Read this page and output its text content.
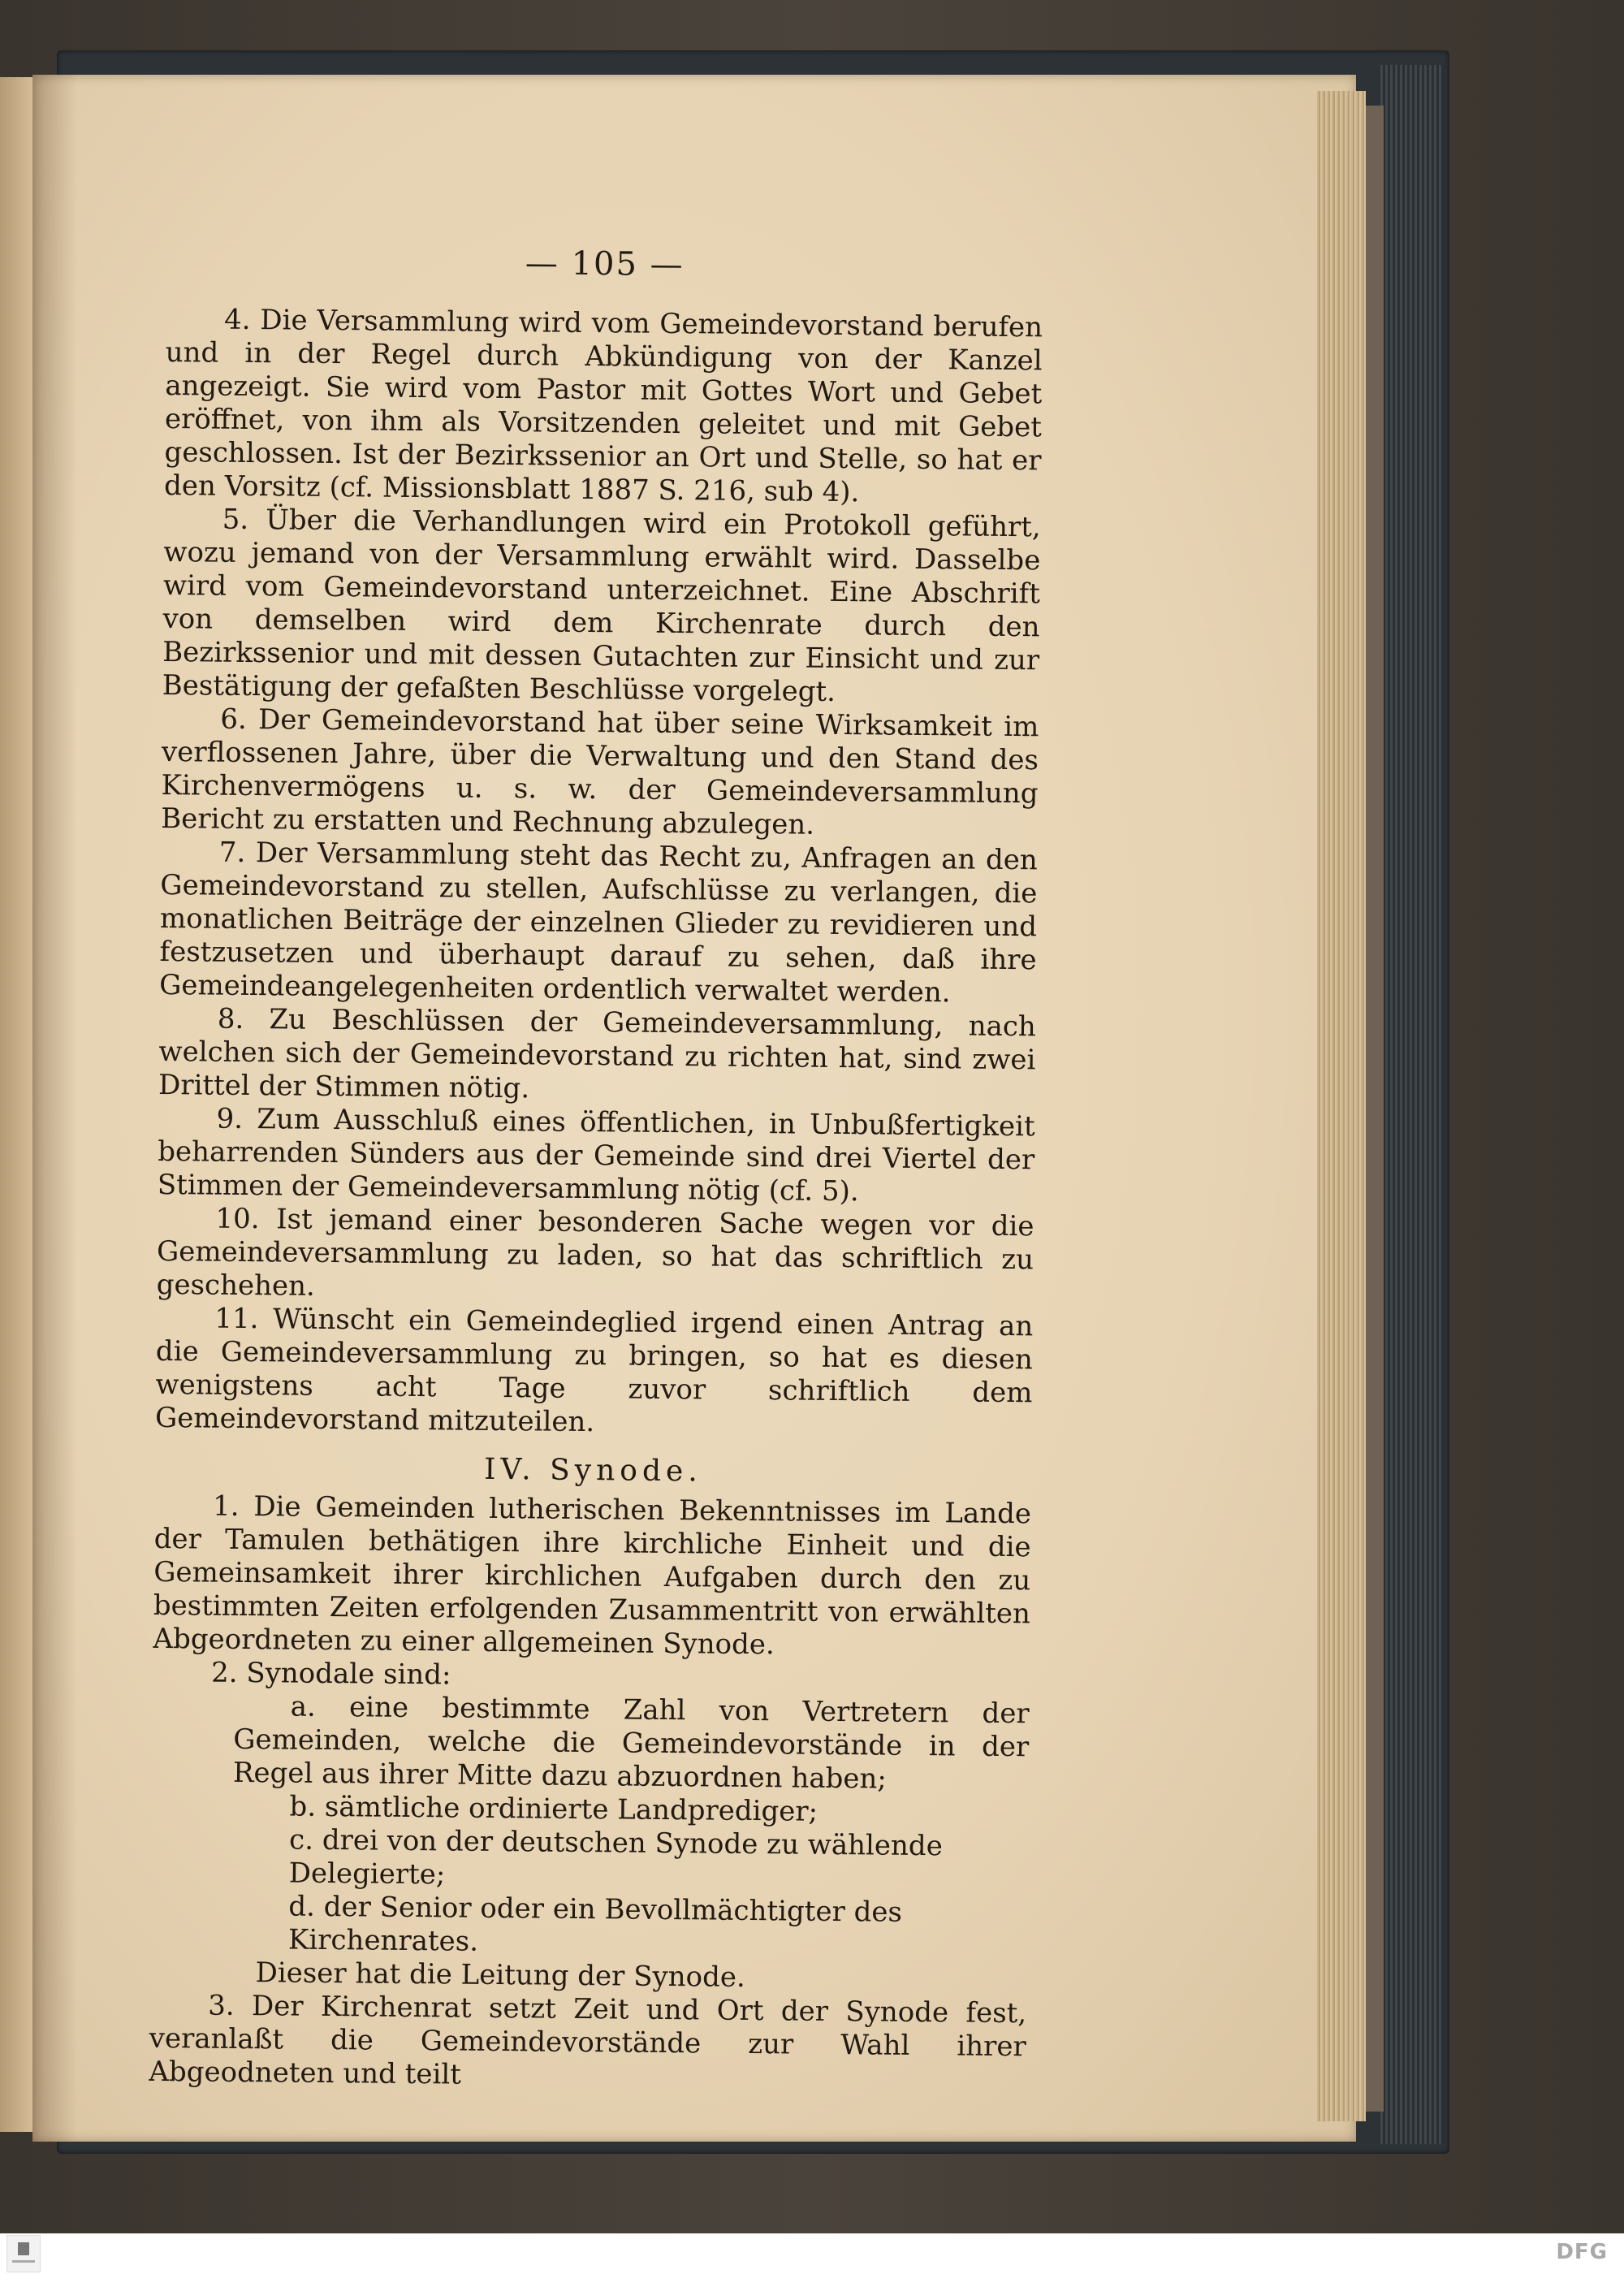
— 105 —

4. Die Versammlung wird vom Gemeindevorstand berufen und in der Regel durch Abkündigung von der Kanzel angezeigt. Sie wird vom Pastor mit Gottes Wort und Gebet eröffnet, von ihm als Vorsitzenden geleitet und mit Gebet geschlossen. Ist der Bezirkssenior an Ort und Stelle, so hat er den Vorsitz (cf. Missionsblatt 1887 S. 216, sub 4).

5. Über die Verhandlungen wird ein Protokoll geführt, wozu jemand von der Versammlung erwählt wird. Dasselbe wird vom Gemeindevorstand unterzeichnet. Eine Abschrift von demselben wird dem Kirchenrate durch den Bezirkssenior und mit dessen Gutachten zur Einsicht und zur Bestätigung der gefaßten Beschlüsse vorgelegt.

6. Der Gemeindevorstand hat über seine Wirksamkeit im verflossenen Jahre, über die Verwaltung und den Stand des Kirchenvermögens u. s. w. der Gemeindeversammlung Bericht zu erstatten und Rechnung abzulegen.

7. Der Versammlung steht das Recht zu, Anfragen an den Gemeindevorstand zu stellen, Aufschlüsse zu verlangen, die monatlichen Beiträge der einzelnen Glieder zu revidieren und festzusetzen und überhaupt darauf zu sehen, daß ihre Gemeindeangelegenheiten ordentlich verwaltet werden.

8. Zu Beschlüssen der Gemeindeversammlung, nach welchen sich der Gemeindevorstand zu richten hat, sind zwei Drittel der Stimmen nötig.

9. Zum Ausschluß eines öffentlichen, in Unbußfertigkeit beharrenden Sünders aus der Gemeinde sind drei Viertel der Stimmen der Gemeindeversammlung nötig (cf. 5).

10. Ist jemand einer besonderen Sache wegen vor die Gemeindeversammlung zu laden, so hat das schriftlich zu geschehen.

11. Wünscht ein Gemeindeglied irgend einen Antrag an die Gemeindeversammlung zu bringen, so hat es diesen wenigstens acht Tage zuvor schriftlich dem Gemeindevorstand mitzuteilen.

IV. Synode.

1. Die Gemeinden lutherischen Bekenntnisses im Lande der Tamulen bethätigen ihre kirchliche Einheit und die Gemeinsamkeit ihrer kirchlichen Aufgaben durch den zu bestimmten Zeiten erfolgenden Zusammentritt von erwählten Abgeordneten zu einer allgemeinen Synode.

2. Synodale sind:

a. eine bestimmte Zahl von Vertretern der Gemeinden, welche die Gemeindevorstände in der Regel aus ihrer Mitte dazu abzuordnen haben;

b. sämtliche ordinierte Landprediger;

c. drei von der deutschen Synode zu wählende Delegierte;

d. der Senior oder ein Bevollmächtigter des Kirchenrates.

Dieser hat die Leitung der Synode.

3. Der Kirchenrat setzt Zeit und Ort der Synode fest, veranlaßt die Gemeindevorstände zur Wahl ihrer Abgeodneten und teilt

DFG
